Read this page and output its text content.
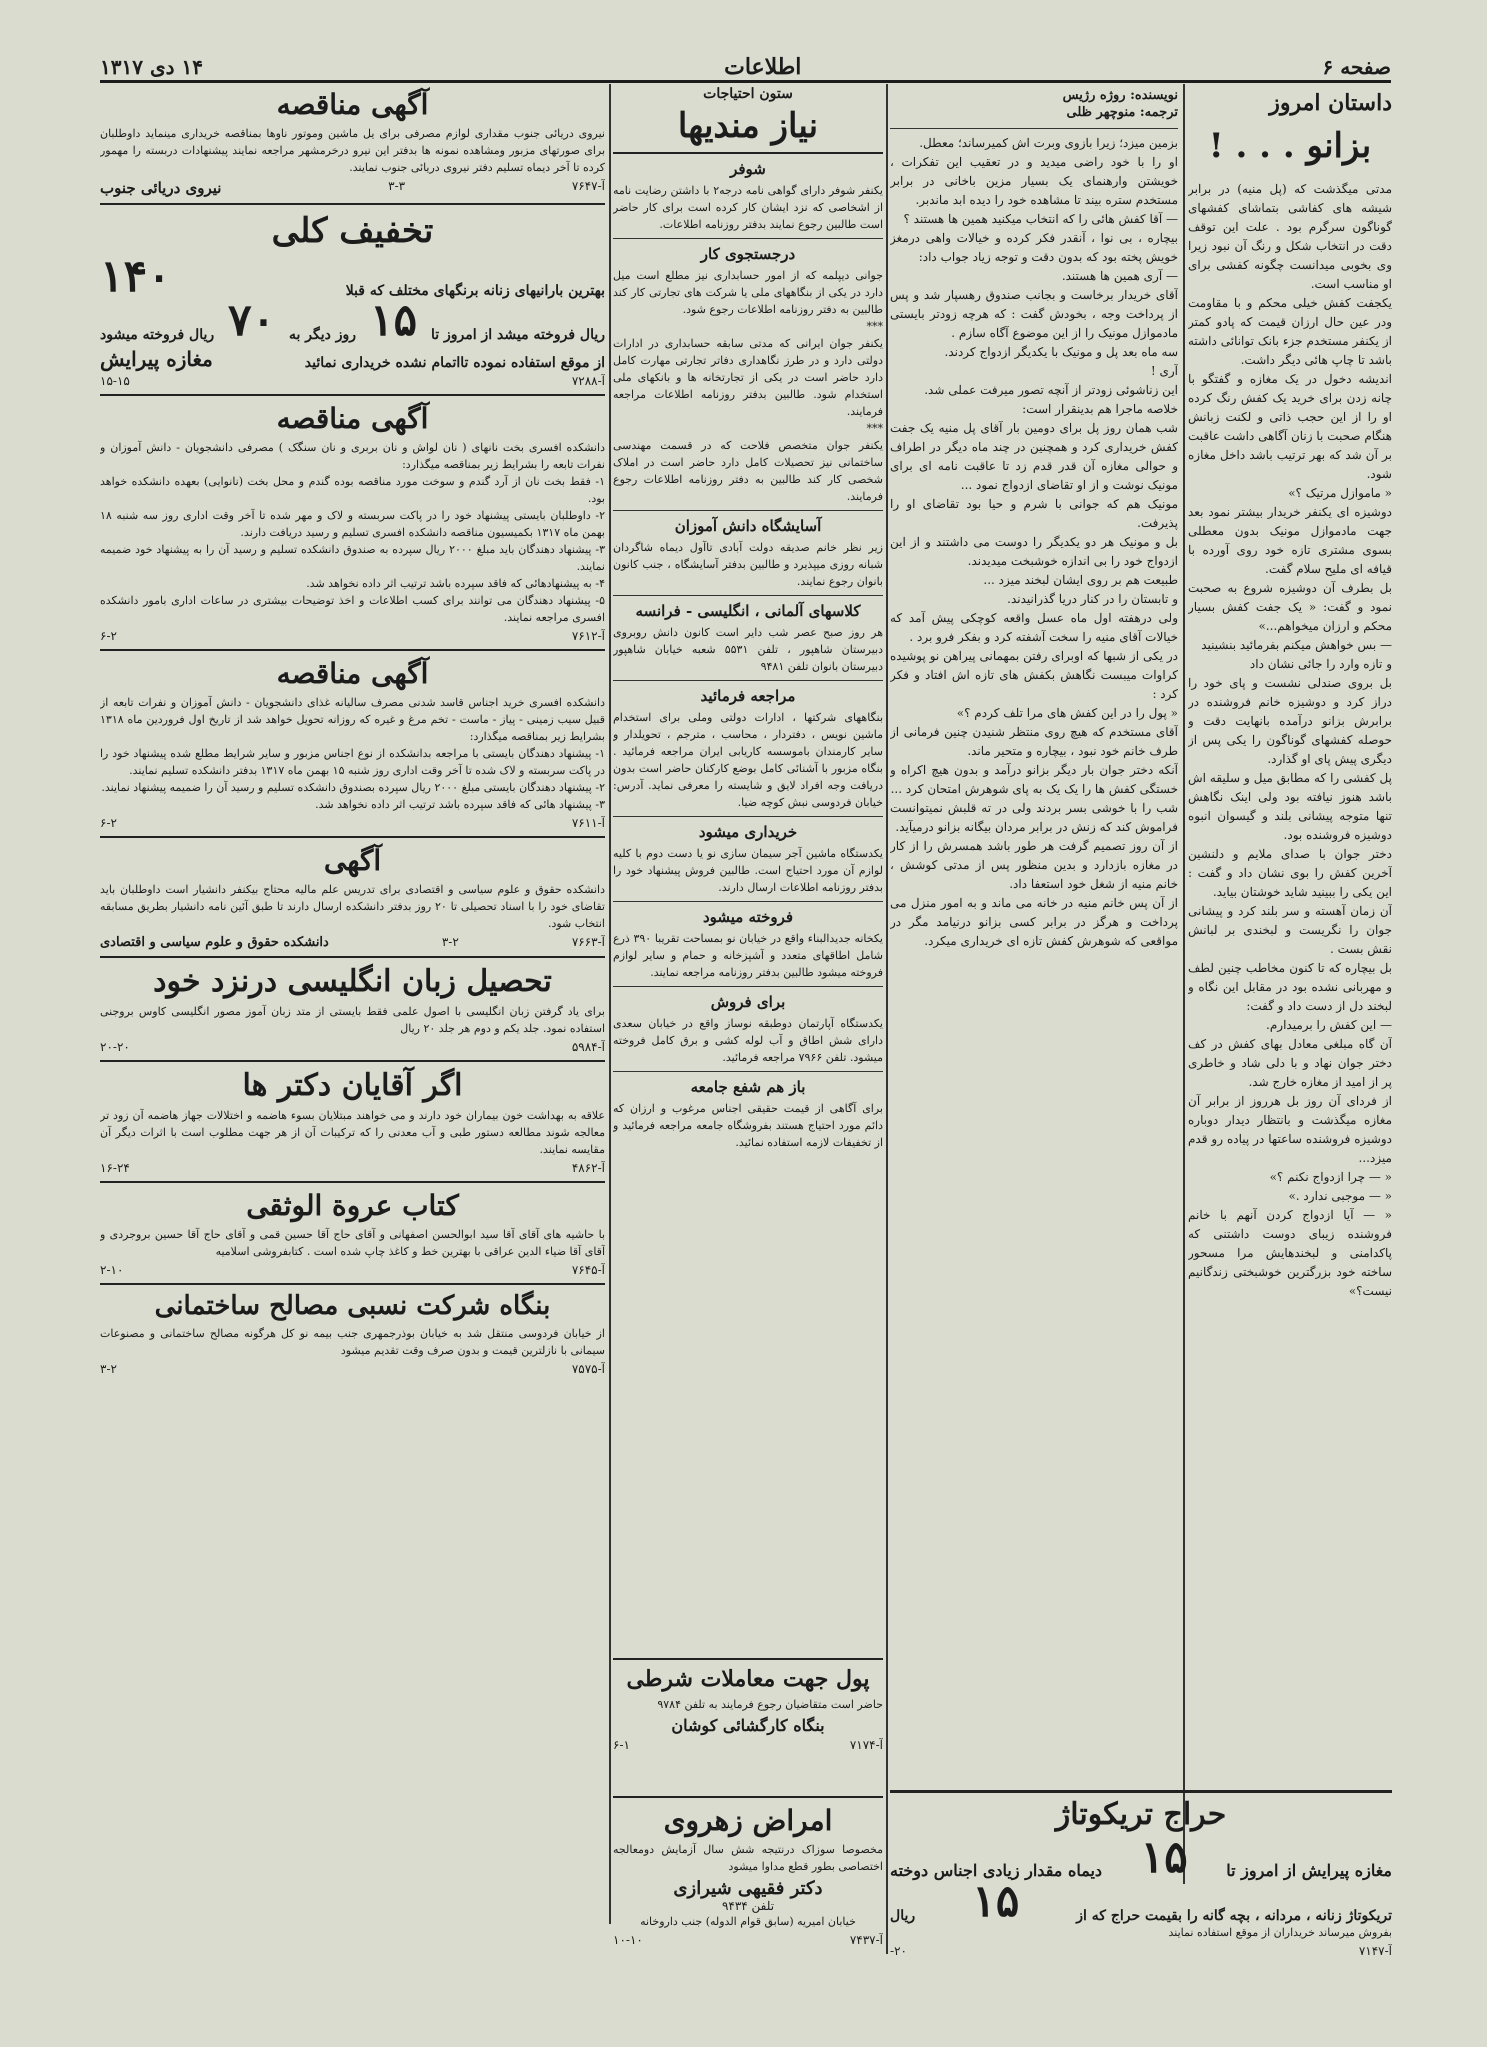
صفحه ۶
اطلاعات
۱۴ دی ۱۳۱۷
داستان امروز
بزانو . . . !

مدتی میگذشت که (پل منیه) در برابر شیشه های کفاشی بتماشای کفشهای گوناگون سرگرم بود . علت این توقف دقت در انتخاب شکل و رنگ آن نبود زیرا وی بخوبی میدانست چگونه کفشی برای او مناسب است.
یکجفت کفش خیلی محکم و با مقاومت ودر عین حال ارزان قیمت که پادو کمتر از یکنفر مستخدم جزء بانک توانائی داشته باشد تا چاپ هائی دیگر داشت.
اندیشه دخول در یک مغازه و گفتگو با چانه زدن برای خرید یک کفش رنگ کرده او را از این حجب ذاتی و لکنت زبانش هنگام صحبت با زنان آگاهی داشت عاقبت بر آن شد که بهر ترتیب باشد داخل مغازه شود.
« ماموازل مرتیک ؟»
دوشیزه ای یکنفر خریدار بیشتر نمود بعد جهت مادموازل مونیک بدون معطلی بسوی مشتری تازه خود روی آورده با قیافه ای ملیح سلام گفت.
بل بطرف آن دوشیزه شروع به صحبت نمود و گفت: « یک جفت کفش بسیار محکم و ارزان میخواهم...»
— بس خواهش میکنم بفرمائید بنشینید
و تازه وارد را جائی نشان داد
بل بروی صندلی نشست و پای خود را دراز کرد و دوشیزه خانم فروشنده در برابرش بزانو درآمده بانهایت دقت و حوصله کفشهای گوناگون را یکی پس از دیگری پیش پای او گذارد.
پل کفشی را که مطابق میل و سلیقه اش باشد هنوز نیافته بود ولی اینک نگاهش تنها متوجه پیشانی بلند و گیسوان انبوه دوشیزه فروشنده بود.
دختر جوان با صدای ملایم و دلنشین آخرین کفش را بوی نشان داد و گفت : این یکی را ببینید شاید خوشتان بیاید.
آن زمان آهسته و سر بلند کرد و پیشانی جوان را نگریست و لبخندی بر لبانش نقش بست .
بل بیچاره که تا کنون مخاطب چنین لطف و مهربانی نشده بود در مقابل این نگاه و لبخند دل از دست داد و گفت:
— این کفش را برمیدارم.
آن گاه مبلغی معادل بهای کفش در کف دختر جوان نهاد و با دلی شاد و خاطری پر از امید از مغازه خارج شد.
از فردای آن روز بل هرروز از برابر آن مغازه میگذشت و بانتظار دیدار دوباره دوشیزه فروشنده ساعتها در پیاده رو قدم میزد...
« — چرا ازدواج نکنم ؟»
« — موجبی ندارد .»
« — آیا ازدواج کردن آنهم با خانم فروشنده زیبای دوست داشتنی که پاکدامنی و لبخندهایش مرا مسحور ساخته خود بزرگترین خوشبختی زندگانیم نیست؟»

نویسنده: روژه رژیس
ترجمه: منوچهر ظلی

بزمین میزد؛ زیرا بازوی وبرت اش کمیرساند؛ معطل.
او را با خود راضی میدید و در تعقیب این تفکرات ، خویشتن وارهنمای یک بسیار مزین باخانی در برابر مستخدم ستره بیند تا مشاهده خود را دیده ابد ماندبر.
— آقا کفش هائی را که انتخاب میکنید همین ها هستند ؟
بیچاره ، بی نوا ، آنقدر فکر کرده و خیالات واهی درمغز خویش پخته بود که بدون دقت و توجه زیاد جواب داد:
— آری همین ها هستند.
آقای خریدار برخاست و بجانب صندوق رهسپار شد و پس از پرداخت وجه ، بخودش گفت : که هرچه زودتر بایستی مادموازل مونیک را از این موضوع آگاه سازم .
سه ماه بعد پل و مونیک با یکدیگر ازدواج کردند.
آری !
این زناشوئی زودتر از آنچه تصور میرفت عملی شد.
خلاصه ماجرا هم بدینقرار است:
شب همان روز پل برای دومین بار آقای پل منیه یک جفت کفش خریداری کرد و همچنین در چند ماه دیگر در اطراف و حوالی مغازه آن قدر قدم زد تا عاقبت نامه ای برای مونیک نوشت و از او تقاضای ازدواج نمود ...
مونیک هم که جوانی با شرم و حیا بود تقاضای او را پذیرفت.
بل و مونیک هر دو یکدیگر را دوست می داشتند و از این ازدواج خود را بی اندازه خوشبخت میدیدند.
طبیعت هم بر روی ایشان لبخند میزد ...
و تابستان را در کنار دریا گذرانیدند.
ولی درهفته اول ماه عسل واقعه کوچکی پیش آمد که خیالات آقای منیه را سخت آشفته کرد و بفکر فرو برد .
در یکی از شبها که اوبرای رفتن بمهمانی پیراهن نو پوشیده کراوات میبست نگاهش بکفش های تازه اش افتاد و فکر کرد :
« پول را در این کفش های مرا تلف کردم ؟»
آقای مستخدم که هیچ روی منتظر شنیدن چنین فرمانی از طرف خانم خود نبود ، بیچاره و متحیر ماند.
آنکه دختر جوان بار دیگر بزانو درآمد و بدون هیچ اکراه و خستگی کفش ها را یک یک به پای شوهرش امتحان کرد ...
شب را با خوشی بسر بردند ولی در ته قلبش نمیتوانست فراموش کند که زنش در برابر مردان بیگانه بزانو درمیآید.
از آن روز تصمیم گرفت هر طور باشد همسرش را از کار در مغازه بازدارد و بدین منظور پس از مدتی کوشش ، خانم منیه از شغل خود استعفا داد.
از آن پس خانم منیه در خانه می ماند و به امور منزل می پرداخت و هرگز در برابر کسی بزانو درنیامد مگر در مواقعی که شوهرش کفش تازه ای خریداری میکرد.

ستون احتیاجات
نیاز مندیها
شوفر

یکنفر شوفر دارای گواهی نامه درجه۲ با داشتن رضایت نامه از اشخاصی که نزد ایشان کار کرده است برای کار حاضر است طالبین رجوع نمایند بدفتر روزنامه اطلاعات.

درجستجوی کار

جوانی دیپلمه که از امور حسابداری نیز مطلع است میل دارد در یکی از بنگاههای ملی یا شرکت های تجارتی کار کند طالبین به دفتر روزنامه اطلاعات رجوع شود.
***
یکنفر جوان ایرانی که مدتی سابقه حسابداری در ادارات دولتی دارد و در طرز نگاهداری دفاتر تجارتی مهارت کامل دارد حاضر است در یکی از تجارتخانه ها و بانکهای ملی استخدام شود. طالبین بدفتر روزنامه اطلاعات مراجعه فرمایند.
***
یکنفر جوان متخصص فلاحت که در قسمت مهندسی ساختمانی نیز تحصیلات کامل دارد حاضر است در املاک شخصی کار کند طالبین به دفتر روزنامه اطلاعات رجوع فرمایند.

آسایشگاه دانش آموزان

زیر نظر خانم صدیقه دولت آبادی تاآول دیماه شاگردان شبانه روزی میپذیرد و طالبین بدفتر آسایشگاه ، جنب کانون بانوان رجوع نمایند.

کلاسهای آلمانی ، انگلیسی - فرانسه

هر روز صبح عصر شب دایر است کانون دانش روبروی دبیرستان شاهپور ، تلفن ۵۵۳۱ شعبه خیابان شاهپور دبیرستان بانوان تلفن ۹۴۸۱

مراجعه فرمائید

بنگاههای شرکتها ، ادارات دولتی وملی برای استخدام ماشین نویس ، دفتردار ، محاسب ، مترجم ، تحویلدار و سایر کارمندان باموسسه کاریابی ایران مراجعه فرمائید . بنگاه مزبور با آشنائی کامل بوضع کارکنان حاضر است بدون دریافت وجه افراد لایق و شایسته را معرفی نماید. آدرس: خیابان فردوسی نبش کوچه ضیا.

خریداری میشود

یکدستگاه ماشین آجر سیمان سازی نو یا دست دوم با کلیه لوازم آن مورد احتیاج است. طالبین فروش پیشنهاد خود را بدفتر روزنامه اطلاعات ارسال دارند.

فروخته میشود

یکخانه جدیدالبناء واقع در خیابان نو بمساحت تقریبا ۳۹۰ ذرع شامل اطاقهای متعدد و آشپزخانه و حمام و سایر لوازم فروخته میشود طالبین بدفتر روزنامه مراجعه نمایند.

برای فروش

یکدستگاه آپارتمان دوطبقه نوساز واقع در خیابان سعدی دارای شش اطاق و آب لوله کشی و برق کامل فروخته میشود. تلفن ۷۹۶۶ مراجعه فرمائید.

باز هم شفع جامعه

برای آگاهی از قیمت حقیقی اجناس مرغوب و ارزان که دائم مورد احتیاج هستند بفروشگاه جامعه مراجعه فرمائید و از تخفیفات لازمه استفاده نمائید.

آگهی مناقصه

نیروی دریائی جنوب مقداری لوازم مصرفی برای یل ماشین وموتور ناوها بمناقصه خریداری مینماید داوطلبان برای صورتهای مزبور ومشاهده نمونه ها بدفتر این نیرو درخرمشهر مراجعه نمایند پیشنهادات دربسته را مهمور کرده تا آخر دیماه تسلیم دفتر نیروی دریائی جنوب نمایند.

آ-۷۶۴۷
۳-۳
نیروی دریائی جنوب
تخفیف کلی
بهترین بارانیهای زنانه برنگهای مختلف که قبلا
۱۴۰
ریال فروخته میشد از امروز تا
۱۵
روز دیگر به
۷۰
ریال فروخته میشود
از موقع استفاده نموده تااتمام نشده خریداری نمائید
مغازه پیرایش
آ-۷۲۸۸
۱۵-۱۵
آگهی مناقصه

دانشکده افسری بخت نانهای ( نان لواش و نان بربری و نان سنگک ) مصرفی دانشجویان - دانش آموزان و نفرات تابعه را بشرایط زیر بمناقصه میگذارد:
۱- فقط بخت نان از آرد گندم و سوخت مورد مناقصه بوده گندم و محل بخت (نانوایی) بعهده دانشکده خواهد بود.
۲- داوطلبان بایستی پیشنهاد خود را در پاکت سربسته و لاک و مهر شده تا آخر وقت اداری روز سه شنبه ۱۸ بهمن ماه ۱۳۱۷ بکمیسیون مناقصه دانشکده افسری تسلیم و رسید دریافت دارند.
۳- پیشنهاد دهندگان باید مبلغ ۲۰۰۰ ریال سپرده به صندوق دانشکده تسلیم و رسید آن را به پیشنهاد خود ضمیمه نمایند.
۴- به پیشنهادهائی که فاقد سپرده باشد ترتیب اثر داده نخواهد شد.
۵- پیشنهاد دهندگان می توانند برای کسب اطلاعات و اخذ توضیحات بیشتری در ساعات اداری بامور دانشکده افسری مراجعه نمایند.

آ-۷۶۱۲
۶-۲
آگهی مناقصه

دانشکده افسری خرید اجناس قاسد شدنی مصرف سالیانه غذای دانشجویان - دانش آموزان و نفرات تابعه از قبیل سیب زمینی - پیاز - ماست - تخم مرغ و غیره که روزانه تحویل خواهد شد از تاریخ اول فروردین ماه ۱۳۱۸ بشرایط زیر بمناقصه میگذارد:
۱- پیشنهاد دهندگان بایستی با مراجعه بدانشکده از نوع اجناس مزبور و سایر شرایط مطلع شده پیشنهاد خود را در پاکت سربسته و لاک شده تا آخر وقت اداری روز شنبه ۱۵ بهمن ماه ۱۳۱۷ بدفتر دانشکده تسلیم نمایند.
۲- پیشنهاد دهندگان بایستی مبلغ ۲۰۰۰ ریال سپرده بصندوق دانشکده تسلیم و رسید آن را ضمیمه پیشنهاد نمایند.
۳- پیشنهاد هائی که فاقد سپرده باشد ترتیب اثر داده نخواهد شد.

آ-۷۶۱۱
۶-۲
آگهی

دانشکده حقوق و علوم سیاسی و اقتصادی برای تدریس علم مالیه محتاج بیکنفر دانشیار است داوطلبان باید تقاضای خود را با اسناد تحصیلی تا ۲۰ روز بدفتر دانشکده ارسال دارند تا طبق آئین نامه دانشیار بطریق مسابقه انتخاب شود.

آ-۷۶۶۳
۳-۲
دانشکده حقوق و علوم سیاسی و اقتصادی
تحصیل زبان انگلیسی درنزد خود

برای یاد گرفتن زبان انگلیسی با اصول علمی فقط بایستی از متد زبان آموز مصور انگلیسی کاوس بروجنی استفاده نمود. جلد یکم و دوم هر جلد ۲۰ ریال

آ-۵۹۸۴
۲۰-۲۰
اگر آقایان دکتر ها

علاقه به بهداشت خون بیماران خود دارند و می خواهند مبتلایان بسوء هاضمه و اختلالات جهاز هاضمه آن زود تر معالجه شوند مطالعه دستور طبی و آب معدنی را که ترکیبات آن از هر جهت مطلوب است با اثرات دیگر آن مقایسه نمایند.

آ-۴۸۶۲
۱۶-۲۴
کتاب عروة الوثقی

با حاشیه های آقای آقا سید ابوالحسن اصفهانی و آقای حاج آقا حسین قمی و آقای حاج آقا حسین بروجردی و آقای آقا ضیاء الدین عراقی با بهترین خط و کاغذ چاپ شده است . کتابفروشی اسلامیه

آ-۷۶۴۵
۲-۱۰
بنگاه شرکت نسبی مصالح ساختمانی

از خیابان فردوسی منتقل شد به خیابان بوذرجمهری جنب بیمه نو کل هرگونه مصالح ساختمانی و مصنوعات سیمانی با نازلترین قیمت و بدون صرف وقت تقدیم میشود

آ-۷۵۷۵
۳-۲
پول جهت معاملات شرطی

حاضر است متقاضیان رجوع فرمایند به تلفن ۹۷۸۴

بنگاه کارگشائی کوشان
آ-۷۱۷۴
۶-۱
امراض زهروی

مخصوصا سوزاک درنتیجه شش سال آزمایش دومعالجه اختصاصی بطور قطع مداوا میشود

دکتر فقیهی شیرازی
تلفن ۹۴۳۴

خیابان امیریه (سابق قوام الدوله) جنب داروخانه

آ-۷۴۳۷
۱۰-۱۰
حراج تریکوتاژ
مغازه پیرایش از امروز تا
۱۵
دیماه مقدار زیادی اجناس دوخته
تریکوتاژ زنانه ، مردانه ، بچه گانه را بقیمت حراج که از
۱۵
ریال

بفروش میرساند خریداران از موقع استفاده نمایند

آ-۷۱۴۷
۲۰-
